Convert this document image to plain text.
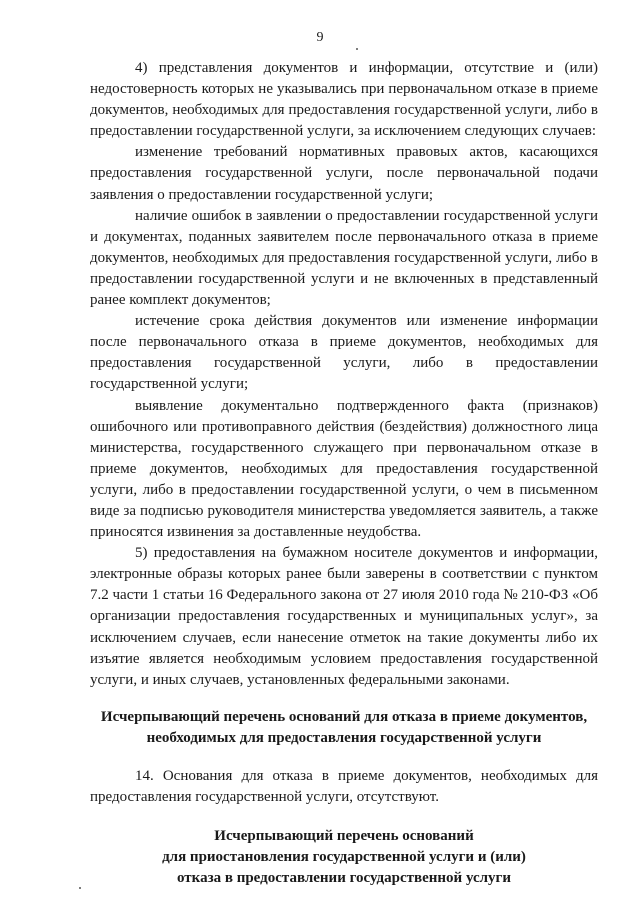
9

4) представления документов и информации, отсутствие и (или) недостоверность которых не указывались при первоначальном отказе в приеме документов, необходимых для предоставления государственной услуги, либо в предоставлении государственной услуги, за исключением следующих случаев:

изменение требований нормативных правовых актов, касающихся предоставления государственной услуги, после первоначальной подачи заявления о предоставлении государственной услуги;

наличие ошибок в заявлении о предоставлении государственной услуги и документах, поданных заявителем после первоначального отказа в приеме документов, необходимых для предоставления государственной услуги, либо в предоставлении государственной услуги и не включенных в представленный ранее комплект документов;

истечение срока действия документов или изменение информации после первоначального отказа в приеме документов, необходимых для предоставления государственной услуги, либо в предоставлении государственной услуги;

выявление документально подтвержденного факта (признаков) ошибочного или противоправного действия (бездействия) должностного лица министерства, государственного служащего при первоначальном отказе в приеме документов, необходимых для предоставления государственной услуги, либо в предоставлении государственной услуги, о чем в письменном виде за подписью руководителя министерства уведомляется заявитель, а также приносятся извинения за доставленные неудобства.

5) предоставления на бумажном носителе документов и информации, электронные образы которых ранее были заверены в соответствии с пунктом 7.2 части 1 статьи 16 Федерального закона от 27 июля 2010 года № 210-ФЗ «Об организации предоставления государственных и муниципальных услуг», за исключением случаев, если нанесение отметок на такие документы либо их изъятие является необходимым условием предоставления государственной услуги, и иных случаев, установленных федеральными законами.

Исчерпывающий перечень оснований для отказа в приеме документов,
необходимых для предоставления государственной услуги

14. Основания для отказа в приеме документов, необходимых для предоставления государственной услуги, отсутствуют.

Исчерпывающий перечень оснований
для приостановления государственной услуги и (или)
отказа в предоставлении государственной услуги
